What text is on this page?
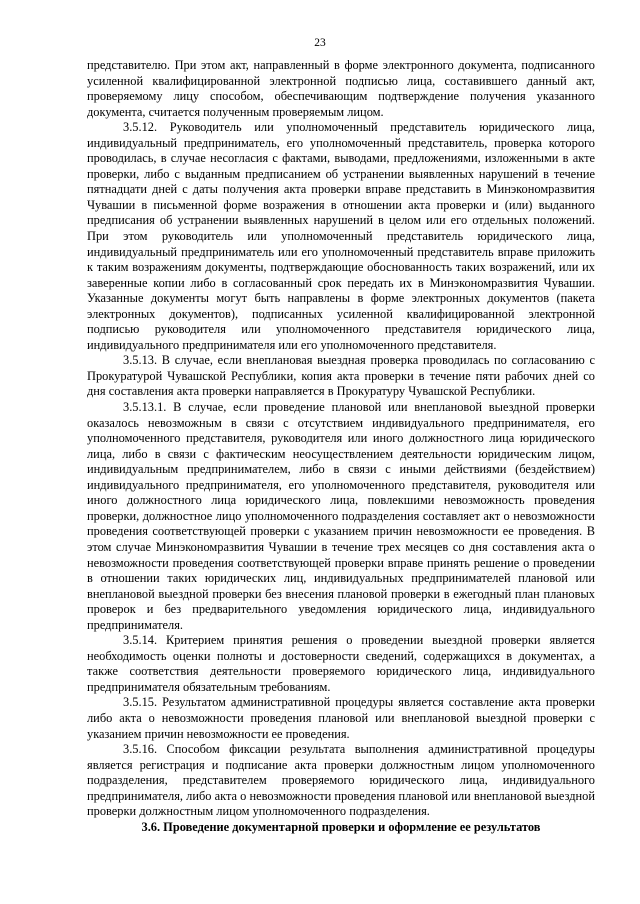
23

представителю. При этом акт, направленный в форме электронного документа, подписанного усиленной квалифицированной электронной подписью лица, составившего данный акт, проверяемому лицу способом, обеспечивающим подтверждение получения указанного документа, считается полученным проверяемым лицом.

3.5.12. Руководитель или уполномоченный представитель юридического лица, индивидуальный предприниматель, его уполномоченный представитель, проверка которого проводилась, в случае несогласия с фактами, выводами, предложениями, изложенными в акте проверки, либо с выданным предписанием об устранении выявленных нарушений в течение пятнадцати дней с даты получения акта проверки вправе представить в Минэкономразвития Чувашии в письменной форме возражения в отношении акта проверки и (или) выданного предписания об устранении выявленных нарушений в целом или его отдельных положений. При этом руководитель или уполномоченный представитель юридического лица, индивидуальный предприниматель или его уполномоченный представитель вправе приложить к таким возражениям документы, подтверждающие обоснованность таких возражений, или их заверенные копии либо в согласованный срок передать их в Минэкономразвития Чувашии. Указанные документы могут быть направлены в форме электронных документов (пакета электронных документов), подписанных усиленной квалифицированной электронной подписью руководителя или уполномоченного представителя юридического лица, индивидуального предпринимателя или его уполномоченного представителя.

3.5.13. В случае, если внеплановая выездная проверка проводилась по согласованию с Прокуратурой Чувашской Республики, копия акта проверки в течение пяти рабочих дней со дня составления акта проверки направляется в Прокуратуру Чувашской Республики.

3.5.13.1. В случае, если проведение плановой или внеплановой выездной проверки оказалось невозможным в связи с отсутствием индивидуального предпринимателя, его уполномоченного представителя, руководителя или иного должностного лица юридического лица, либо в связи с фактическим неосуществлением деятельности юридическим лицом, индивидуальным предпринимателем, либо в связи с иными действиями (бездействием) индивидуального предпринимателя, его уполномоченного представителя, руководителя или иного должностного лица юридического лица, повлекшими невозможность проведения проверки, должностное лицо уполномоченного подразделения составляет акт о невозможности проведения соответствующей проверки с указанием причин невозможности ее проведения. В этом случае Минэкономразвития Чувашии в течение трех месяцев со дня составления акта о невозможности проведения соответствующей проверки вправе принять решение о проведении в отношении таких юридических лиц, индивидуальных предпринимателей плановой или внеплановой выездной проверки без внесения плановой проверки в ежегодный план плановых проверок и без предварительного уведомления юридического лица, индивидуального предпринимателя.

3.5.14. Критерием принятия решения о проведении выездной проверки является необходимость оценки полноты и достоверности сведений, содержащихся в документах, а также соответствия деятельности проверяемого юридического лица, индивидуального предпринимателя обязательным требованиям.

3.5.15. Результатом административной процедуры является составление акта проверки либо акта о невозможности проведения плановой или внеплановой выездной проверки с указанием причин невозможности ее проведения.

3.5.16. Способом фиксации результата выполнения административной процедуры является регистрация и подписание акта проверки должностным лицом уполномоченного подразделения, представителем проверяемого юридического лица, индивидуального предпринимателя, либо акта о невозможности проведения плановой или внеплановой выездной проверки должностным лицом уполномоченного подразделения.

3.6. Проведение документарной проверки и оформление ее результатов
